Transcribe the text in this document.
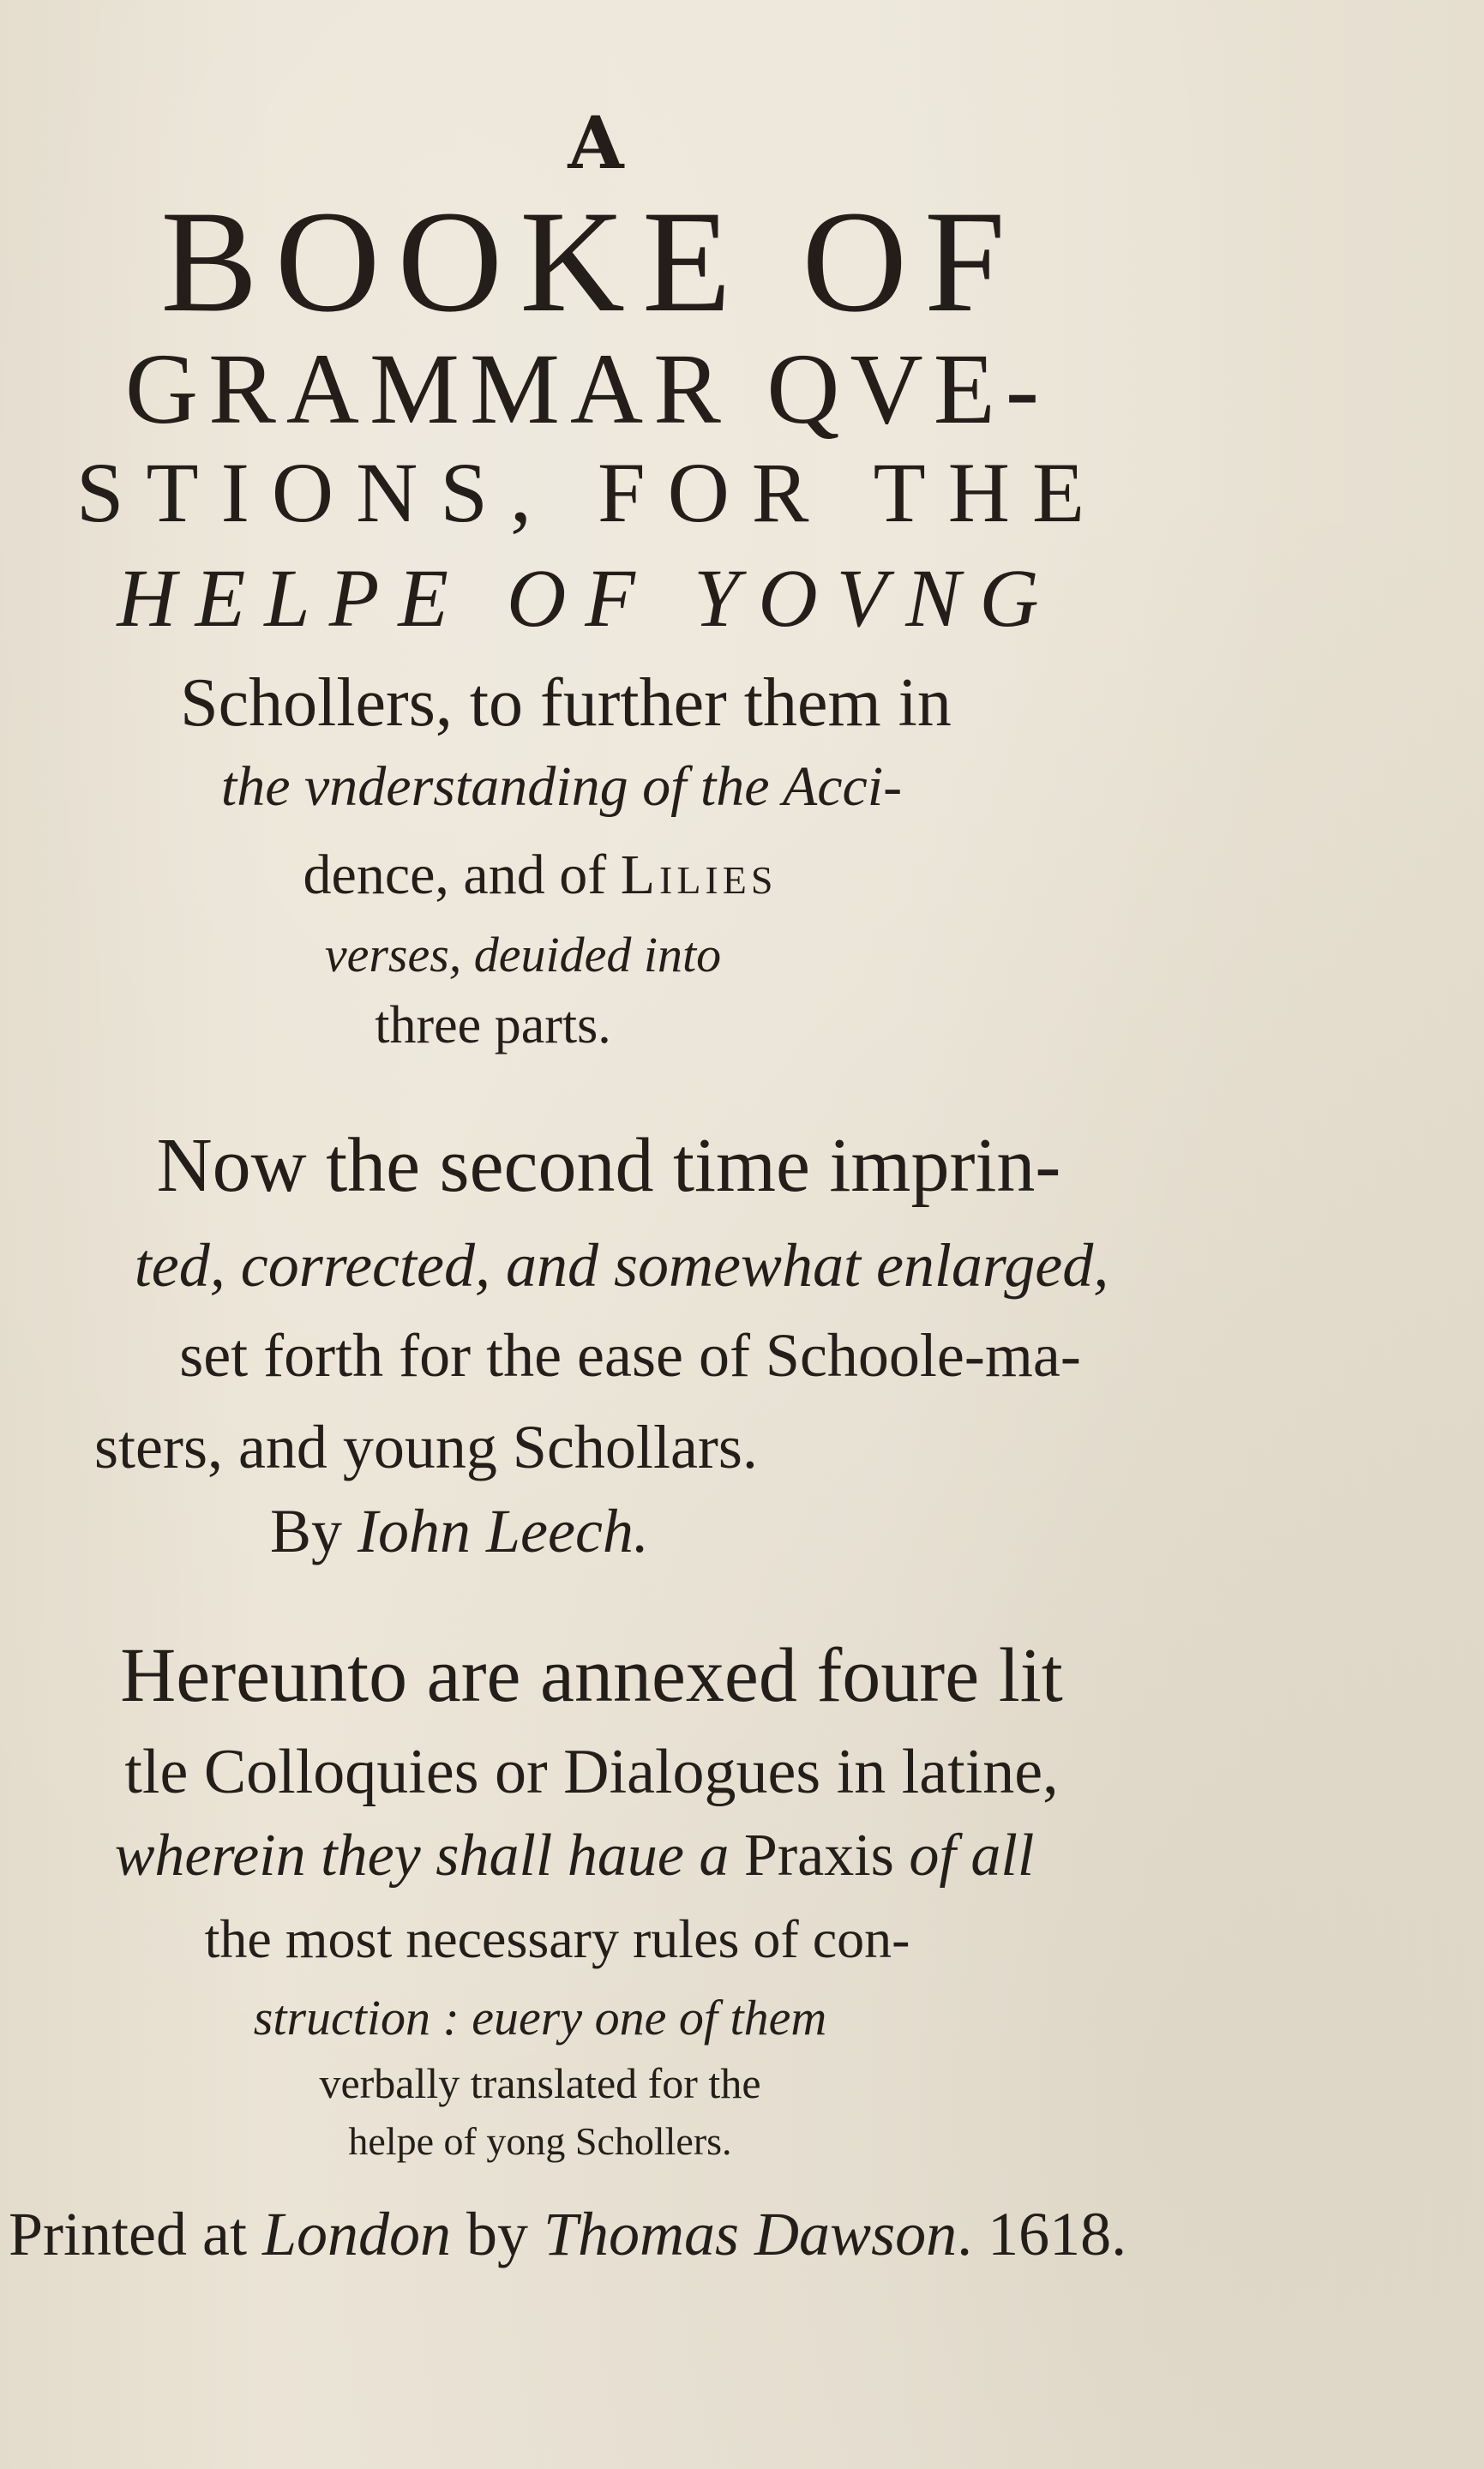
A
BOOKE OF
GRAMMAR QVE-
STIONS, FOR THE
HELPE OF YOVNG
Schollers, to further them in
the vnderstanding of the Acci-
dence, and of Lilies
verses, deuided into
three parts.
Now the second time imprin-
ted, corrected, and somewhat enlarged,
set forth for the ease of Schoole-ma-
sters, and young Schollars.
By Iohn Leech.
Hereunto are annexed foure lit
tle Colloquies or Dialogues in latine,
wherein they shall haue a Praxis of all
the most necessary rules of con-
struction : euery one of them
verbally translated for the
helpe of yong Schollers.
Printed at London by Thomas Dawson. 1618.
